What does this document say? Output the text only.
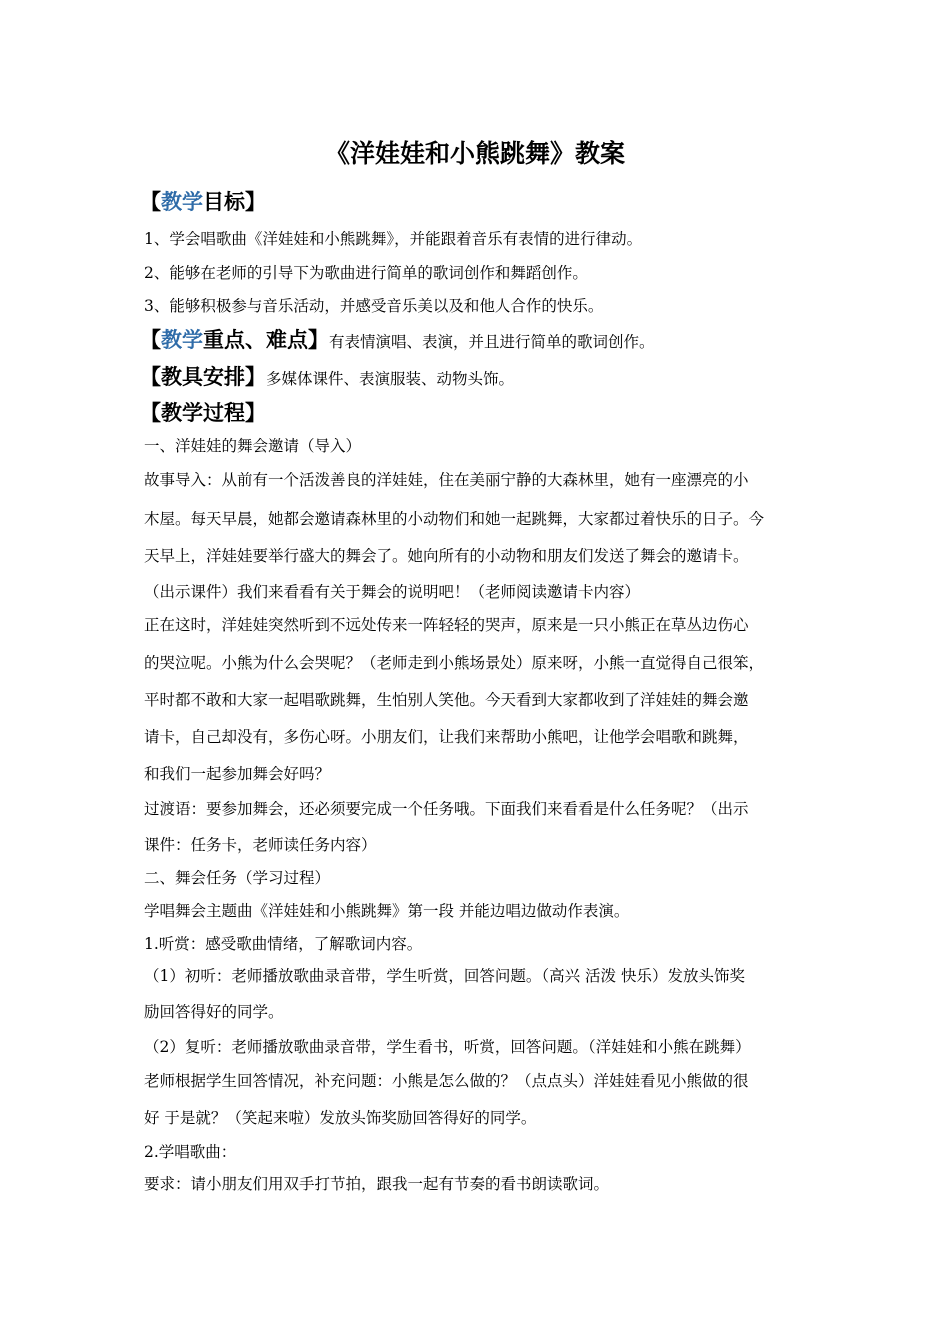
《洋娃娃和小熊跳舞》教案
【教学目标】
1、学会唱歌曲《洋娃娃和小熊跳舞》，并能跟着音乐有表情的进行律动。
2、能够在老师的引导下为歌曲进行简单的歌词创作和舞蹈创作。
3、能够积极参与音乐活动，并感受音乐美以及和他人合作的快乐。
【教学重点、难点】有表情演唱、表演，并且进行简单的歌词创作。
【教具安排】多媒体课件、表演服装、动物头饰。
【教学过程】
一、洋娃娃的舞会邀请（导入）
故事导入：从前有一个活泼善良的洋娃娃，住在美丽宁静的大森林里，她有一座漂亮的小
木屋。每天早晨，她都会邀请森林里的小动物们和她一起跳舞，大家都过着快乐的日子。今
天早上，洋娃娃要举行盛大的舞会了。她向所有的小动物和朋友们发送了舞会的邀请卡。
（出示课件）我们来看看有关于舞会的说明吧！（老师阅读邀请卡内容）
正在这时，洋娃娃突然听到不远处传来一阵轻轻的哭声，原来是一只小熊正在草丛边伤心
的哭泣呢。小熊为什么会哭呢？（老师走到小熊场景处）原来呀，小熊一直觉得自己很笨，
平时都不敢和大家一起唱歌跳舞，生怕别人笑他。今天看到大家都收到了洋娃娃的舞会邀
请卡，自己却没有，多伤心呀。小朋友们，让我们来帮助小熊吧，让他学会唱歌和跳舞，
和我们一起参加舞会好吗？
过渡语：要参加舞会，还必须要完成一个任务哦。下面我们来看看是什么任务呢？（出示
课件：任务卡，老师读任务内容）
二、舞会任务（学习过程）
学唱舞会主题曲《洋娃娃和小熊跳舞》第一段 并能边唱边做动作表演。
1.听赏：感受歌曲情绪，了解歌词内容。
（1）初听：老师播放歌曲录音带，学生听赏，回答问题。（高兴 活泼 快乐）发放头饰奖
励回答得好的同学。
（2）复听：老师播放歌曲录音带，学生看书，听赏，回答问题。（洋娃娃和小熊在跳舞）
老师根据学生回答情况，补充问题：小熊是怎么做的？（点点头）洋娃娃看见小熊做的很
好 于是就？（笑起来啦）发放头饰奖励回答得好的同学。
2.学唱歌曲：
要求：请小朋友们用双手打节拍，跟我一起有节奏的看书朗读歌词。
